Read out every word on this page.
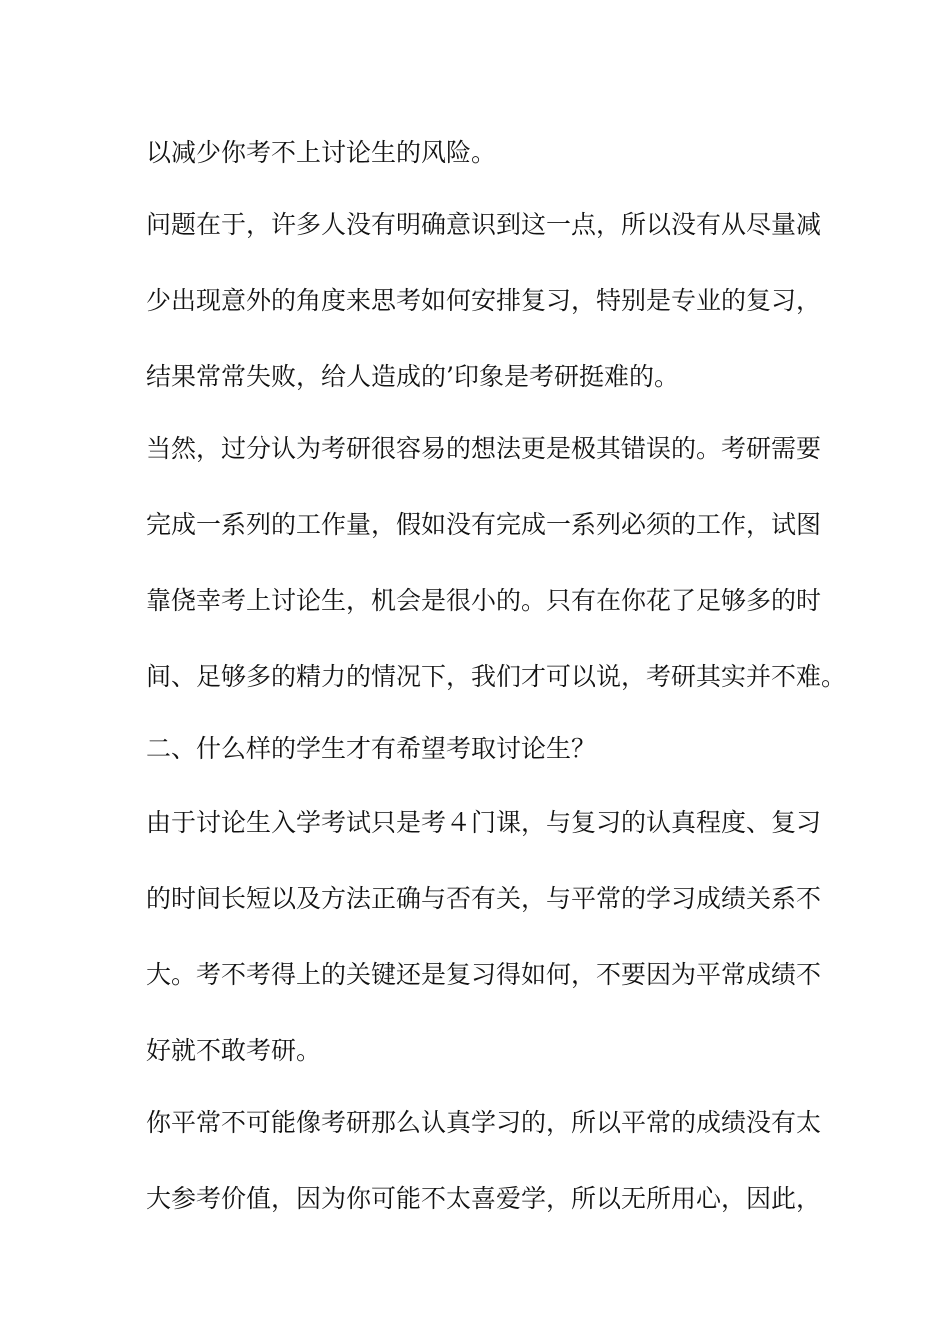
以减少你考不上讨论生的风险。

问题在于，许多人没有明确意识到这一点，所以没有从尽量减

少出现意外的角度来思考如何安排复习，特别是专业的复习，

结果常常失败，给人造成的’印象是考研挺难的。

当然，过分认为考研很容易的想法更是极其错误的。考研需要

完成一系列的工作量，假如没有完成一系列必须的工作，试图

靠侥幸考上讨论生，机会是很小的。只有在你花了足够多的时

间、足够多的精力的情况下，我们才可以说，考研其实并不难。

二、什么样的学生才有希望考取讨论生？

由于讨论生入学考试只是考４门课，与复习的认真程度、复习

的时间长短以及方法正确与否有关，与平常的学习成绩关系不

大。考不考得上的关键还是复习得如何，不要因为平常成绩不

好就不敢考研。

你平常不可能像考研那么认真学习的，所以平常的成绩没有太

大参考价值，因为你可能不太喜爱学，所以无所用心，因此，
